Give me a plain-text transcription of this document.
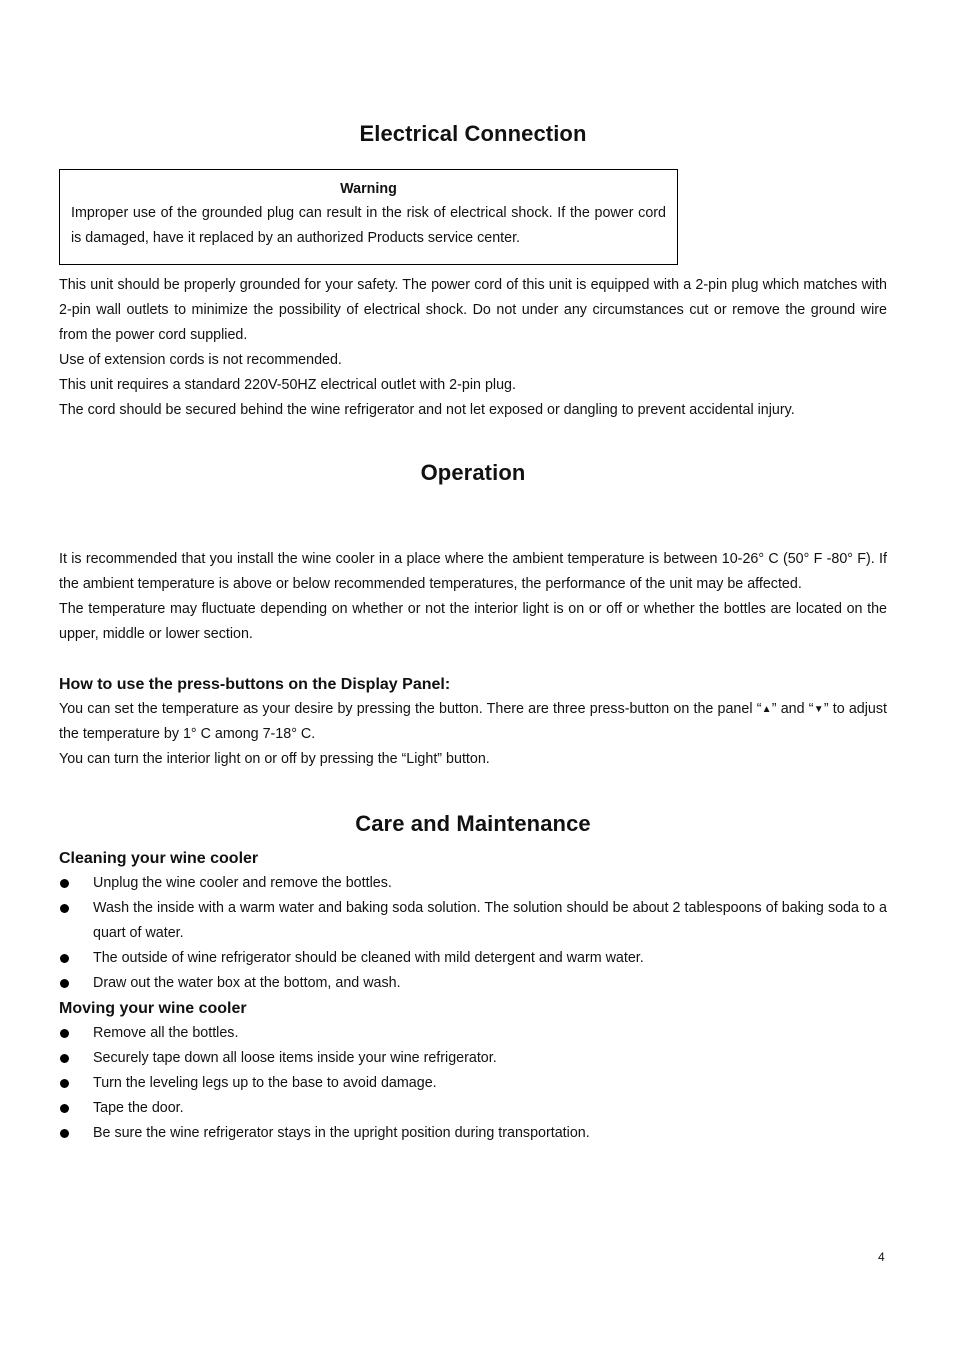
Electrical Connection

Warning

Improper use of the grounded plug can result in the risk of electrical shock. If the power cord is damaged, have it replaced by an authorized Products service center.

This unit should be properly grounded for your safety. The power cord of this unit is equipped with a 2-pin plug which matches with 2-pin wall outlets to minimize the possibility of electrical shock. Do not under any circumstances cut or remove the ground wire from the power cord supplied.

Use of extension cords is not recommended.

This unit requires a standard 220V-50HZ electrical outlet with 2-pin plug.

The cord should be secured behind the wine refrigerator and not let exposed or dangling to prevent accidental injury.

Operation

It is recommended that you install the wine cooler in a place where the ambient temperature is between 10-26° C (50° F -80° F). If the ambient temperature is above or below recommended temperatures, the performance of the unit may be affected.

The temperature may fluctuate depending on whether or not the interior light is on or off or whether the bottles are located on the upper, middle or lower section.

How to use the press-buttons on the Display Panel:

You can set the temperature as your desire by pressing the button. There are three press-button on the panel “▲” and “▼” to adjust the temperature by 1° C among 7-18° C.

You can turn the interior light on or off by pressing the “Light” button.

Care and Maintenance

Cleaning your wine cooler

Unplug the wine cooler and remove the bottles.
Wash the inside with a warm water and baking soda solution. The solution should be about 2 tablespoons of baking soda to a quart of water.
The outside of wine refrigerator should be cleaned with mild detergent and warm water.
Draw out the water box at the bottom, and wash.

Moving your wine cooler

Remove all the bottles.
Securely tape down all loose items inside your wine refrigerator.
Turn the leveling legs up to the base to avoid damage.
Tape the door.
Be sure the wine refrigerator stays in the upright position during transportation.
4
